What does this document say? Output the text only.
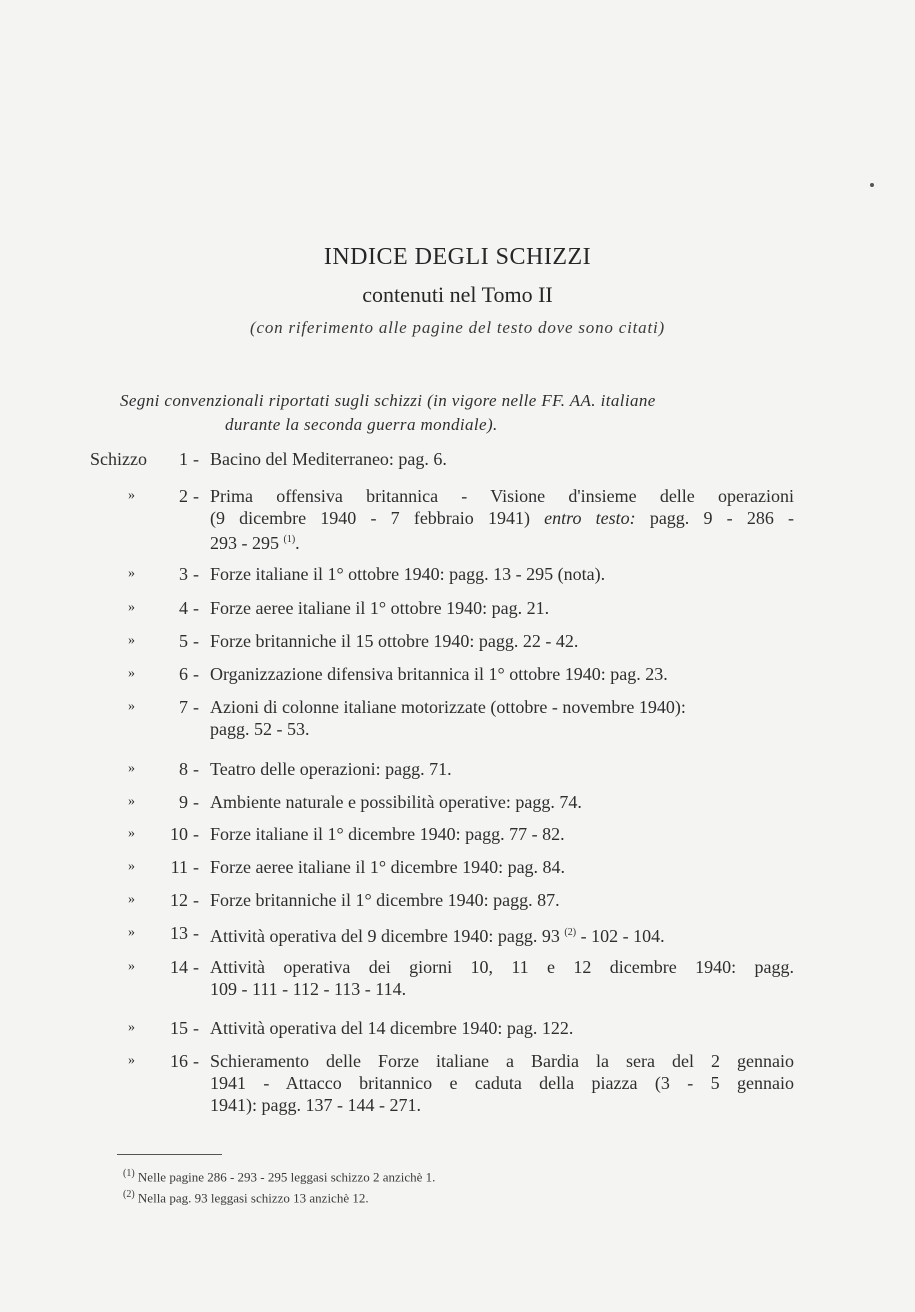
INDICE DEGLI SCHIZZI
contenuti nel Tomo II
(con riferimento alle pagine del testo dove sono citati)
Segni convenzionali riportati sugli schizzi (in vigore nelle FF. AA. italiane
durante la seconda guerra mondiale).
Schizzo	1 - Bacino del Mediterraneo: pag. 6.
»	2 - Prima offensiva britannica - Visione d'insieme delle operazioni
(9 dicembre 1940 - 7 febbraio 1941) entro testo: pagg. 9 - 286 -
293 - 295 $^{(1)}$.
»	3 - Forze italiane il 1° ottobre 1940: pagg. 13 - 295 (nota).
»	4 - Forze aeree italiane il 1° ottobre 1940: pag. 21.
»	5 - Forze britanniche il 15 ottobre 1940: pagg. 22 - 42.
»	6 - Organizzazione difensiva britannica il 1° ottobre 1940: pag. 23.
»	7 - Azioni di colonne italiane motorizzate (ottobre - novembre 1940):
pagg. 52 - 53.
»	8 - Teatro delle operazioni: pagg. 71.
»	9 - Ambiente naturale e possibilità operative: pagg. 74.
»	10 - Forze italiane il 1° dicembre 1940: pagg. 77 - 82.
»	11 - Forze aeree italiane il 1° dicembre 1940: pag. 84.
»	12 - Forze britanniche il 1° dicembre 1940: pagg. 87.
»	13 - Attività operativa del 9 dicembre 1940: pagg. 93 $^{(2)}$ - 102 - 104.
»	14 - Attività operativa dei giorni 10, 11 e 12 dicembre 1940: pagg.
109 - 111 - 112 - 113 - 114.
»	15 - Attività operativa del 14 dicembre 1940: pag. 122.
»	16 - Schieramento delle Forze italiane a Bardia la sera del 2 gennaio
1941 - Attacco britannico e caduta della piazza (3 - 5 gennaio
1941): pagg. 137 - 144 - 271.
$^{(1)}$ Nelle pagine 286 - 293 - 295 leggasi schizzo 2 anzichè 1.
$^{(2)}$ Nella pag. 93 leggasi schizzo 13 anzichè 12.
